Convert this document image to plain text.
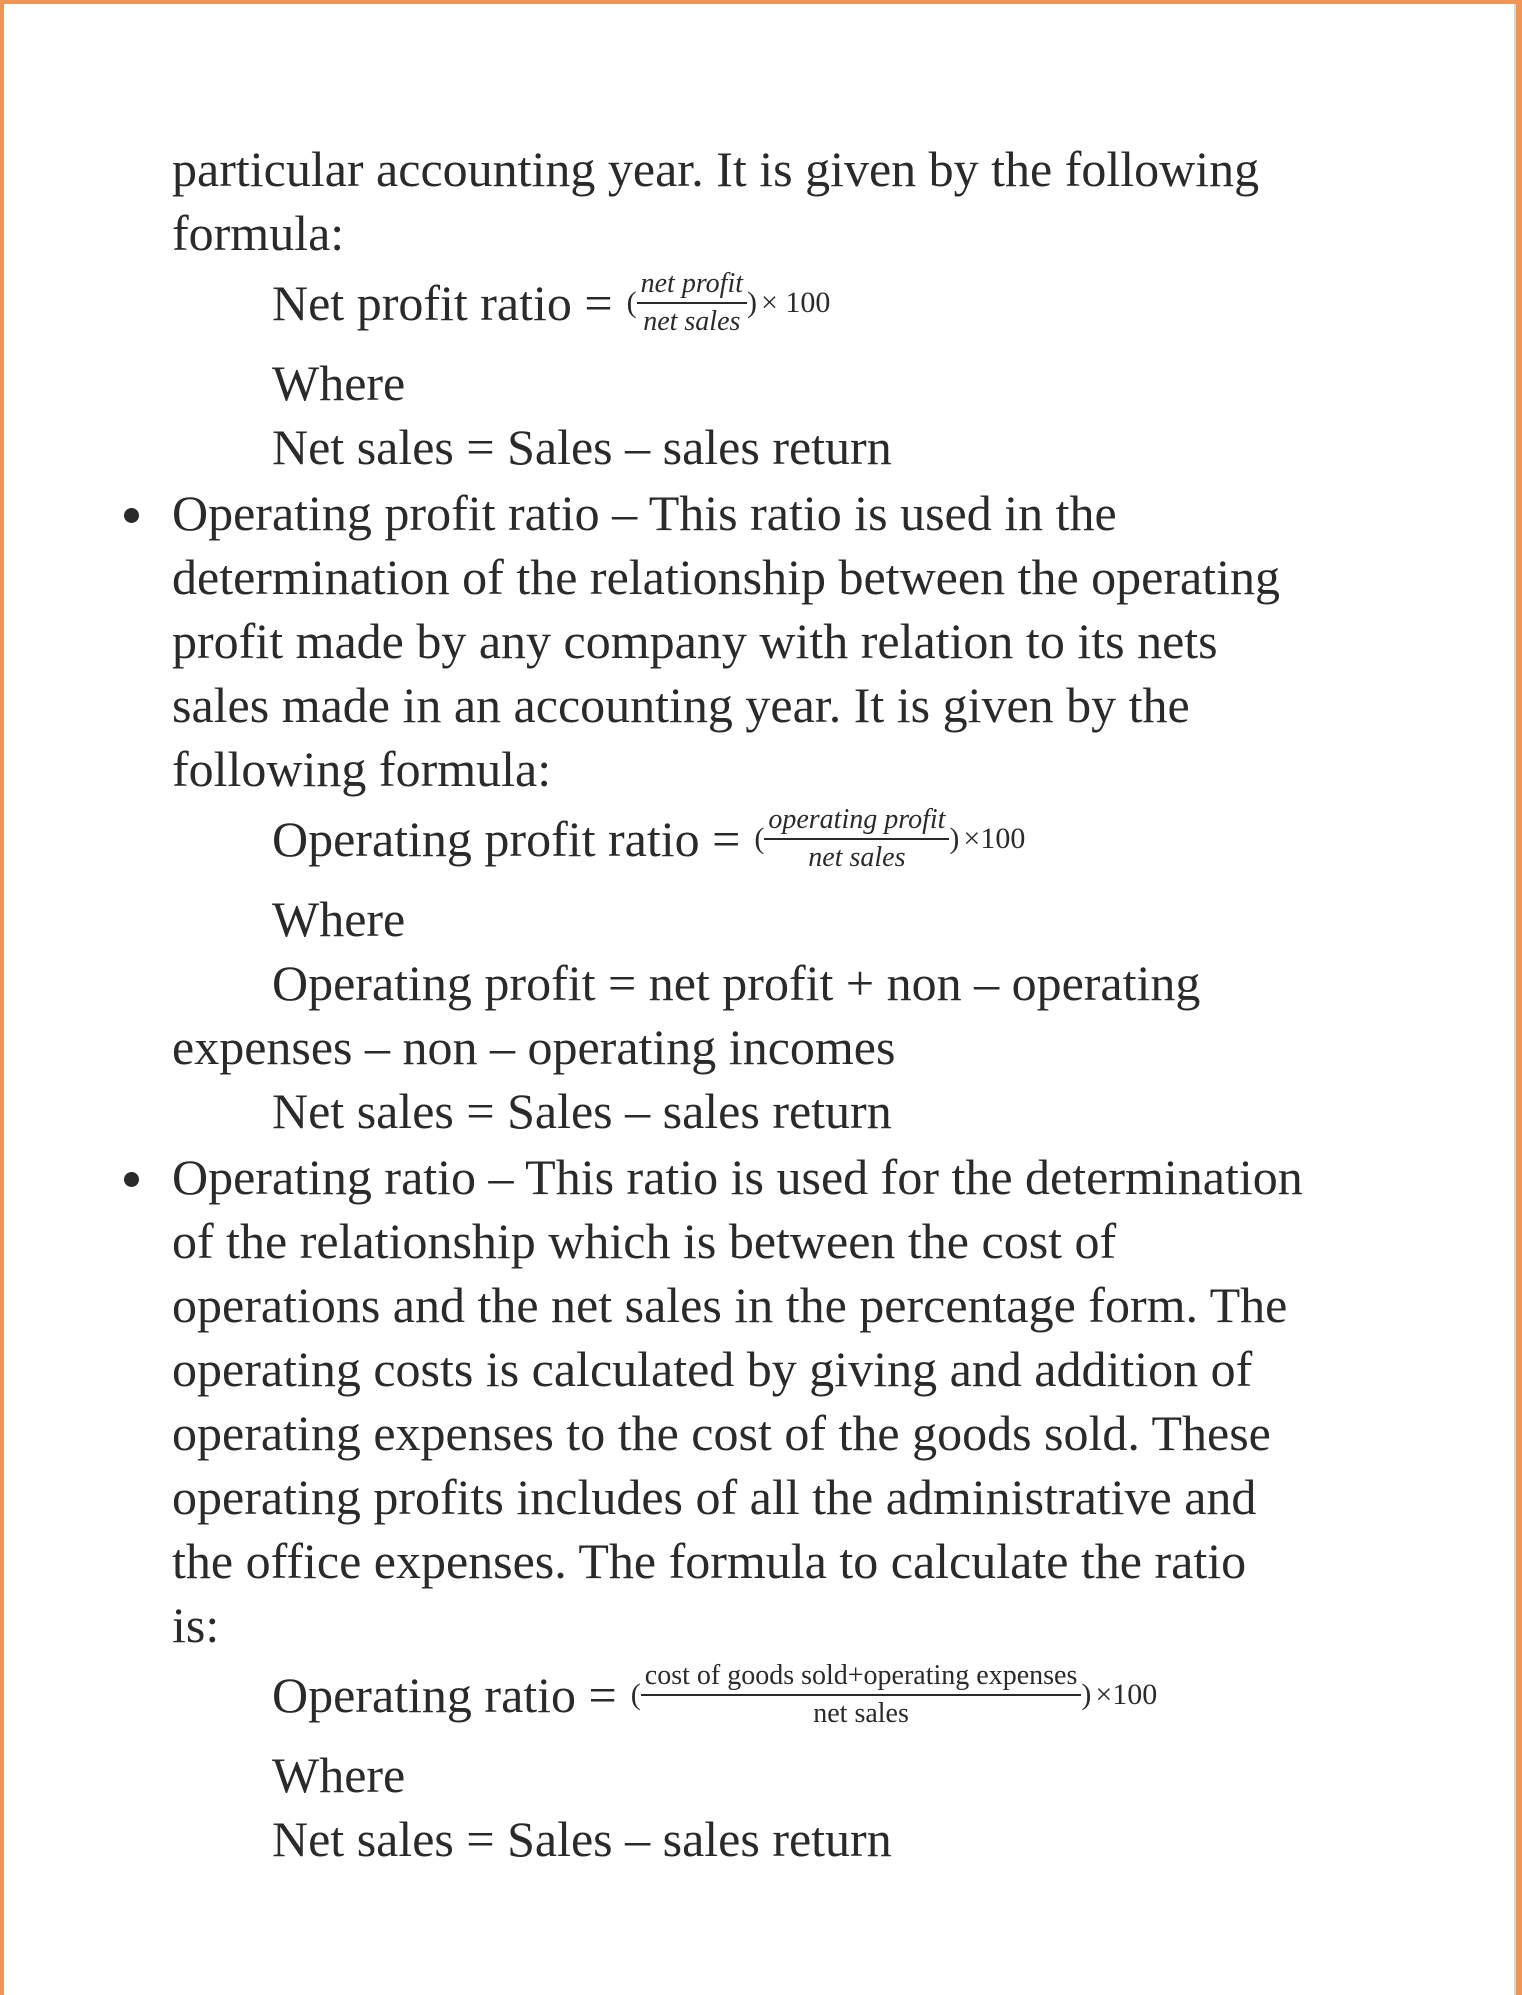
particular accounting year. It is given by the following
formula:
Net profit ratio = ( $\frac{\text{net profit}}{\text{net sales}}$ ) × 100
Where
Net sales = Sales – sales return
Operating profit ratio – This ratio is used in the
determination of the relationship between the operating
profit made by any company with relation to its nets
sales made in an accounting year. It is given by the
following formula:
Operating profit ratio = ( $\frac{\text{operating profit}}{\text{net sales}}$ ) ×100
Where
Operating profit = net profit + non – operating
expenses – non – operating incomes
Net sales = Sales – sales return
Operating ratio – This ratio is used for the determination
of the relationship which is between the cost of
operations and the net sales in the percentage form. The
operating costs is calculated by giving and addition of
operating expenses to the cost of the goods sold. These
operating profits includes of all the administrative and
the office expenses. The formula to calculate the ratio
is:
Operating ratio = ( $\frac{\text{cost of goods sold+operating expenses}}{\text{net sales}}$ ) ×100
Where
Net sales = Sales – sales return
